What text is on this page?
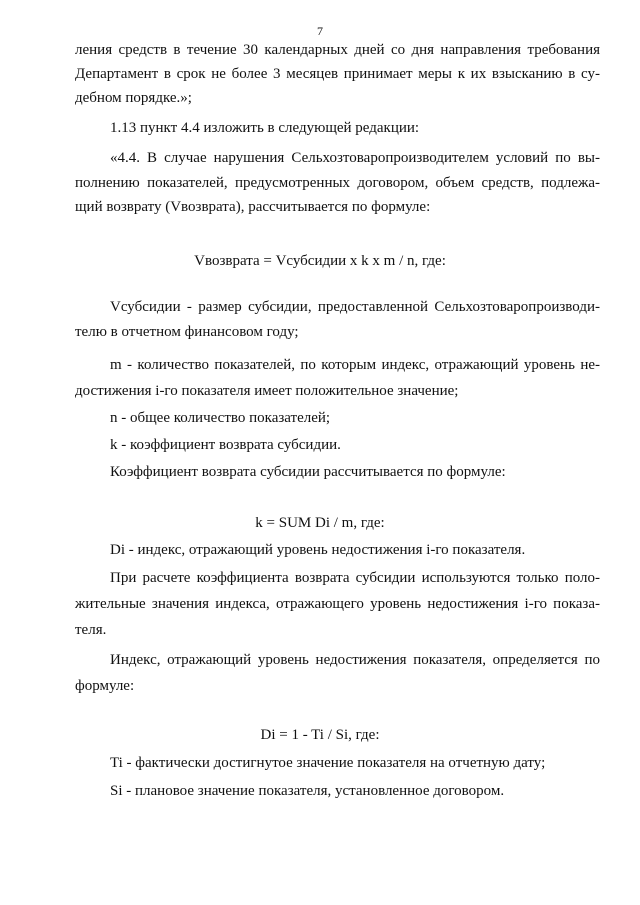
7
ления средств в течение 30 календарных дней со дня направления требования
Департамент в срок не более 3 месяцев принимает меры к их взысканию в су-
дебном порядке.»;
1.13 пункт 4.4 изложить в следующей редакции:
«4.4. В случае нарушения Сельхозтоваропроизводителем условий по вы-
полнению показателей, предусмотренных договором, объем средств, подлежа-
щий возврату (Vвозврата), рассчитывается по формуле:
Vвозврата = Vсубсидии x k x m / n, где:
Vсубсидии - размер субсидии, предоставленной Сельхозтоваропроизводи-
телю в отчетном финансовом году;
m - количество показателей, по которым индекс, отражающий уровень не-
достижения i-го показателя имеет положительное значение;
n - общее количество показателей;
k - коэффициент возврата субсидии.
Коэффициент возврата субсидии рассчитывается по формуле:
k = SUM Di / m, где:
Di - индекс, отражающий уровень недостижения i-го показателя.
При расчете коэффициента возврата субсидии используются только поло-
жительные значения индекса, отражающего уровень недостижения i-го показа-
теля.
Индекс, отражающий уровень недостижения показателя, определяется по
формуле:
Di = 1 - Ti / Si, где:
Ti - фактически достигнутое значение показателя на отчетную дату;
Si - плановое значение показателя, установленное договором.
